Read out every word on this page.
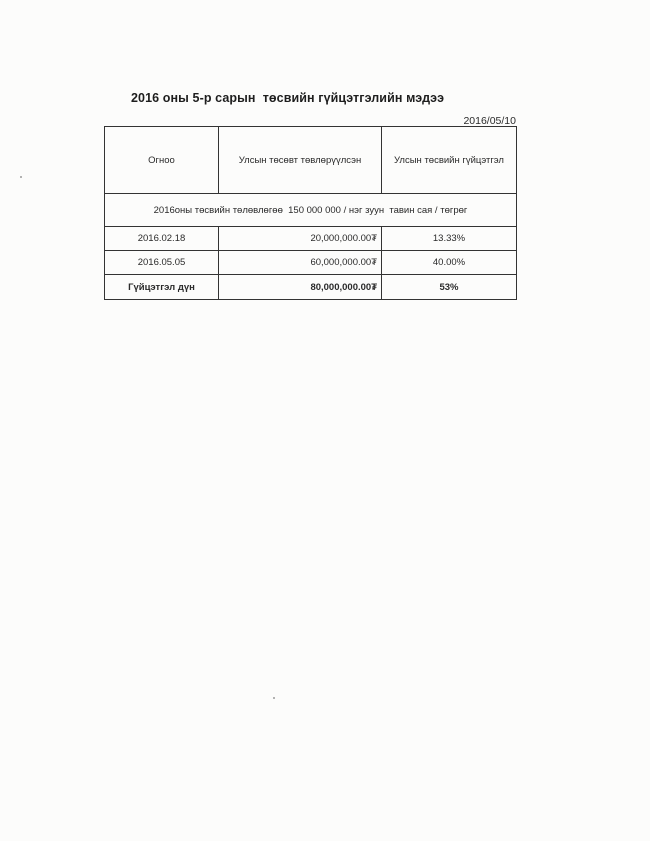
2016 оны 5-р сарын  төсвийн гүйцэтгэлийн мэдээ
2016/05/10
Огноо	Улсын төсөвт төвлөрүүлсэн	Улсын төсвийн гүйцэтгэл
2016оны төсвийн төлөвлөгөө  150 000 000 / нэг зуун  тавин сая / төгрөг		
2016.02.18	20,000,000.00₮	13.33%
2016.05.05	60,000,000.00₮	40.00%
Гүйцэтгэл дүн	80,000,000.00₮	53%
